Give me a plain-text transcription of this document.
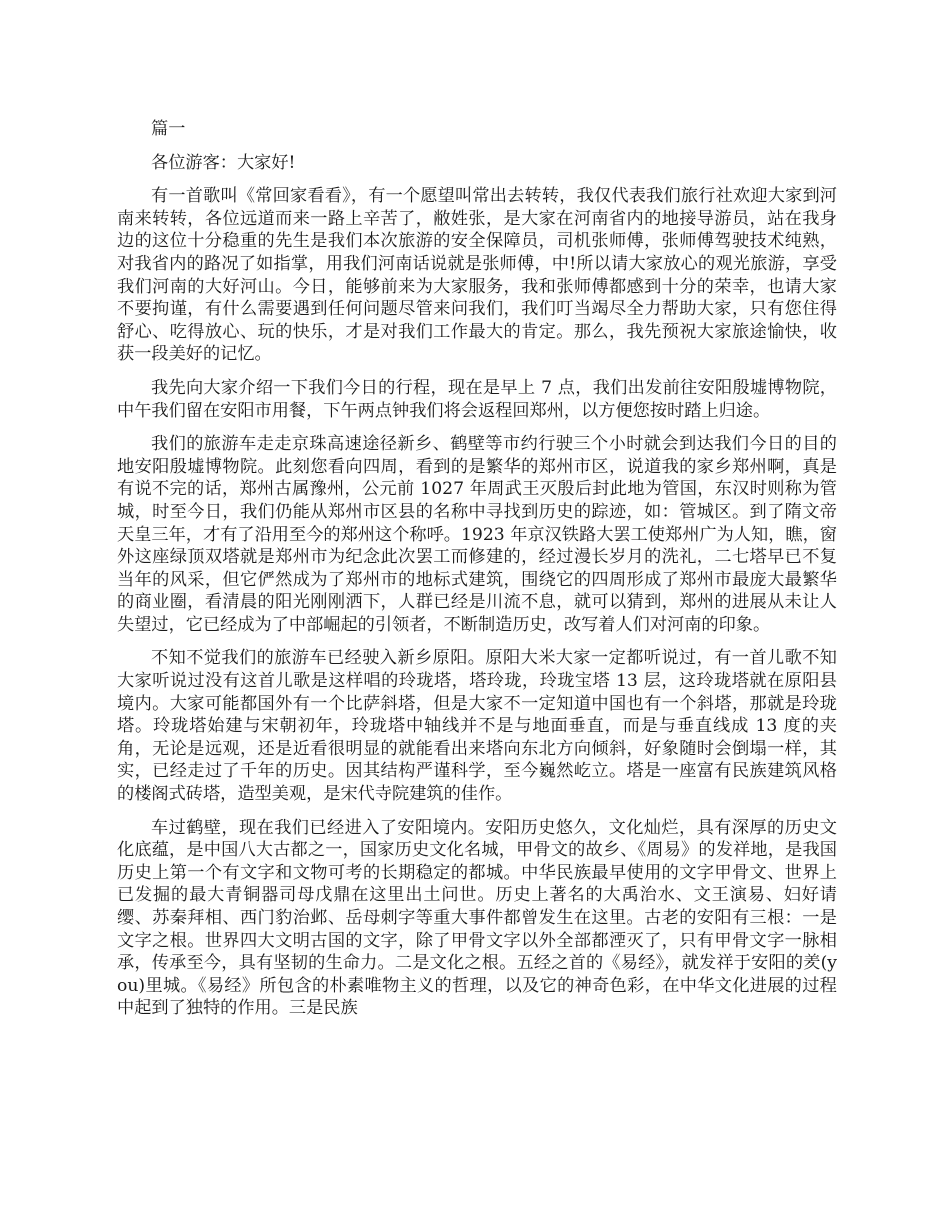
篇一

各位游客：大家好!

有一首歌叫《常回家看看》，有一个愿望叫常出去转转，我仅代表我们旅行社欢迎大家到河南来转转，各位远道而来一路上辛苦了，敝姓张，是大家在河南省内的地接导游员，站在我身边的这位十分稳重的先生是我们本次旅游的安全保障员，司机张师傅，张师傅驾驶技术纯熟，对我省内的路况了如指掌，用我们河南话说就是张师傅，中!所以请大家放心的观光旅游，享受我们河南的大好河山。今日，能够前来为大家服务，我和张师傅都感到十分的荣幸，也请大家不要拘谨，有什么需要遇到任何问题尽管来问我们，我们叮当竭尽全力帮助大家，只有您住得舒心、吃得放心、玩的快乐，才是对我们工作最大的肯定。那么，我先预祝大家旅途愉快，收获一段美好的记忆。

我先向大家介绍一下我们今日的行程，现在是早上 7 点，我们出发前往安阳殷墟博物院，中午我们留在安阳市用餐，下午两点钟我们将会返程回郑州，以方便您按时踏上归途。

我们的旅游车走走京珠高速途径新乡、鹤壁等市约行驶三个小时就会到达我们今日的目的地安阳殷墟博物院。此刻您看向四周，看到的是繁华的郑州市区，说道我的家乡郑州啊，真是有说不完的话，郑州古属豫州，公元前 1027 年周武王灭殷后封此地为管国，东汉时则称为管城，时至今日，我们仍能从郑州市区县的名称中寻找到历史的踪迹，如：管城区。到了隋文帝天皇三年，才有了沿用至今的郑州这个称呼。1923 年京汉铁路大罢工使郑州广为人知，瞧，窗外这座绿顶双塔就是郑州市为纪念此次罢工而修建的，经过漫长岁月的洗礼，二七塔早已不复当年的风采，但它俨然成为了郑州市的地标式建筑，围绕它的四周形成了郑州市最庞大最繁华的商业圈，看清晨的阳光刚刚洒下，人群已经是川流不息，就可以猜到，郑州的进展从未让人失望过，它已经成为了中部崛起的引领者，不断制造历史，改写着人们对河南的印象。

不知不觉我们的旅游车已经驶入新乡原阳。原阳大米大家一定都听说过，有一首儿歌不知大家听说过没有这首儿歌是这样唱的玲珑塔，塔玲珑，玲珑宝塔 13 层，这玲珑塔就在原阳县境内。大家可能都国外有一个比萨斜塔，但是大家不一定知道中国也有一个斜塔，那就是玲珑塔。玲珑塔始建与宋朝初年，玲珑塔中轴线并不是与地面垂直，而是与垂直线成 13 度的夹角，无论是远观，还是近看很明显的就能看出来塔向东北方向倾斜，好象随时会倒塌一样，其实，已经走过了千年的历史。因其结构严谨科学，至今巍然屹立。塔是一座富有民族建筑风格的楼阁式砖塔，造型美观，是宋代寺院建筑的佳作。

车过鹤壁，现在我们已经进入了安阳境内。安阳历史悠久，文化灿烂，具有深厚的历史文化底蕴，是中国八大古都之一，国家历史文化名城，甲骨文的故乡、《周易》的发祥地，是我国历史上第一个有文字和文物可考的长期稳定的都城。中华民族最早使用的文字甲骨文、世界上已发掘的最大青铜器司母戊鼎在这里出土问世。历史上著名的大禹治水、文王演易、妇好请缨、苏秦拜相、西门豹治邺、岳母刺字等重大事件都曾发生在这里。古老的安阳有三根：一是文字之根。世界四大文明古国的文字，除了甲骨文字以外全部都湮灭了，只有甲骨文字一脉相承，传承至今，具有坚韧的生命力。二是文化之根。五经之首的《易经》，就发祥于安阳的羑(you)里城。《易经》所包含的朴素唯物主义的哲理，以及它的神奇色彩，在中华文化进展的过程中起到了独特的作用。三是民族
